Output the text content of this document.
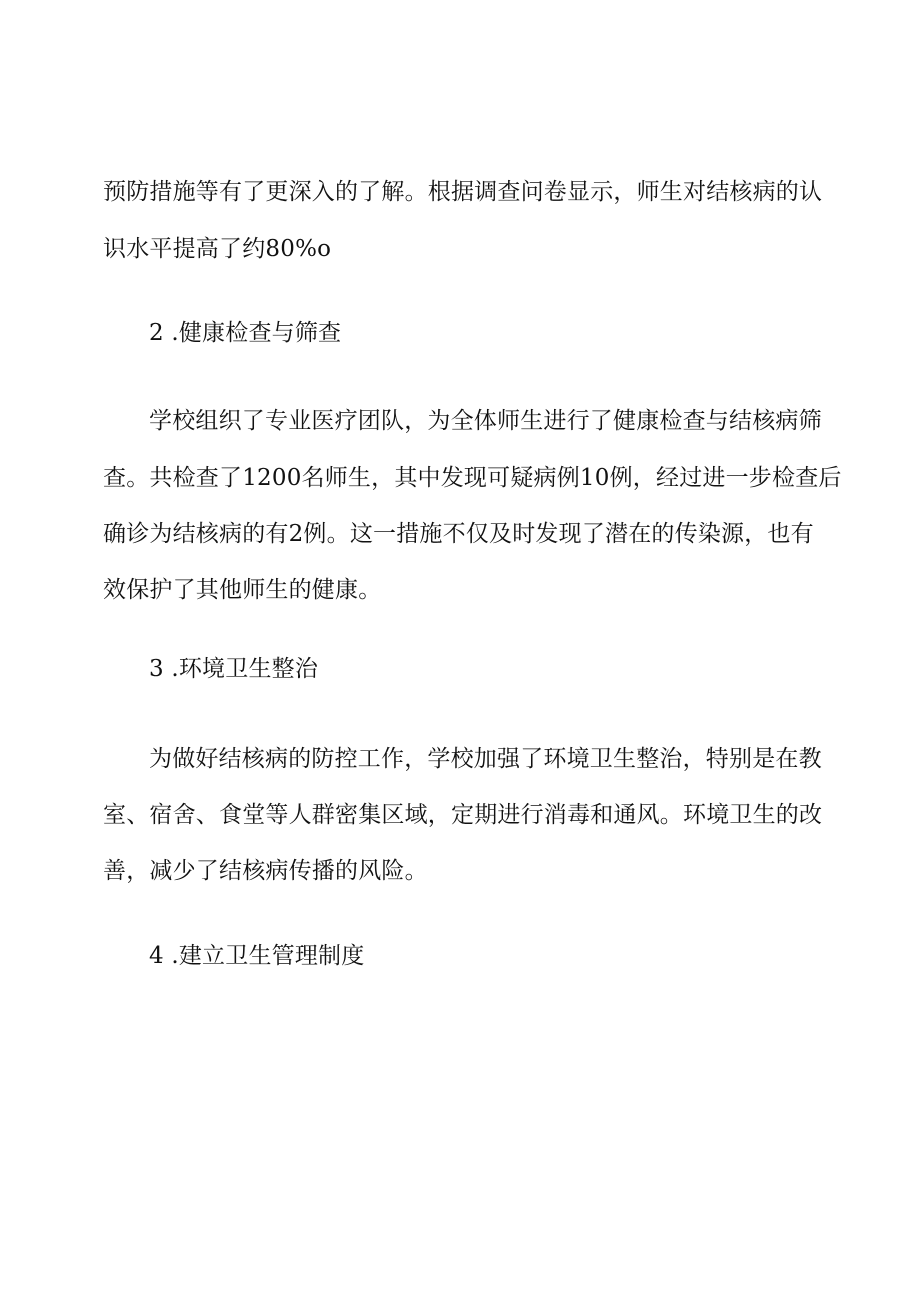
预防措施等有了更深入的了解。根据调查问卷显示，师生对结核病的认
识水平提高了约80%o
2 .健康检查与筛查
学校组织了专业医疗团队，为全体师生进行了健康检查与结核病筛
查。共检查了1200名师生，其中发现可疑病例10例，经过进一步检查后
确诊为结核病的有2例。这一措施不仅及时发现了潜在的传染源，也有
效保护了其他师生的健康。
3 .环境卫生整治
为做好结核病的防控工作，学校加强了环境卫生整治，特别是在教
室、宿舍、食堂等人群密集区域，定期进行消毒和通风。环境卫生的改
善，减少了结核病传播的风险。
4 .建立卫生管理制度
